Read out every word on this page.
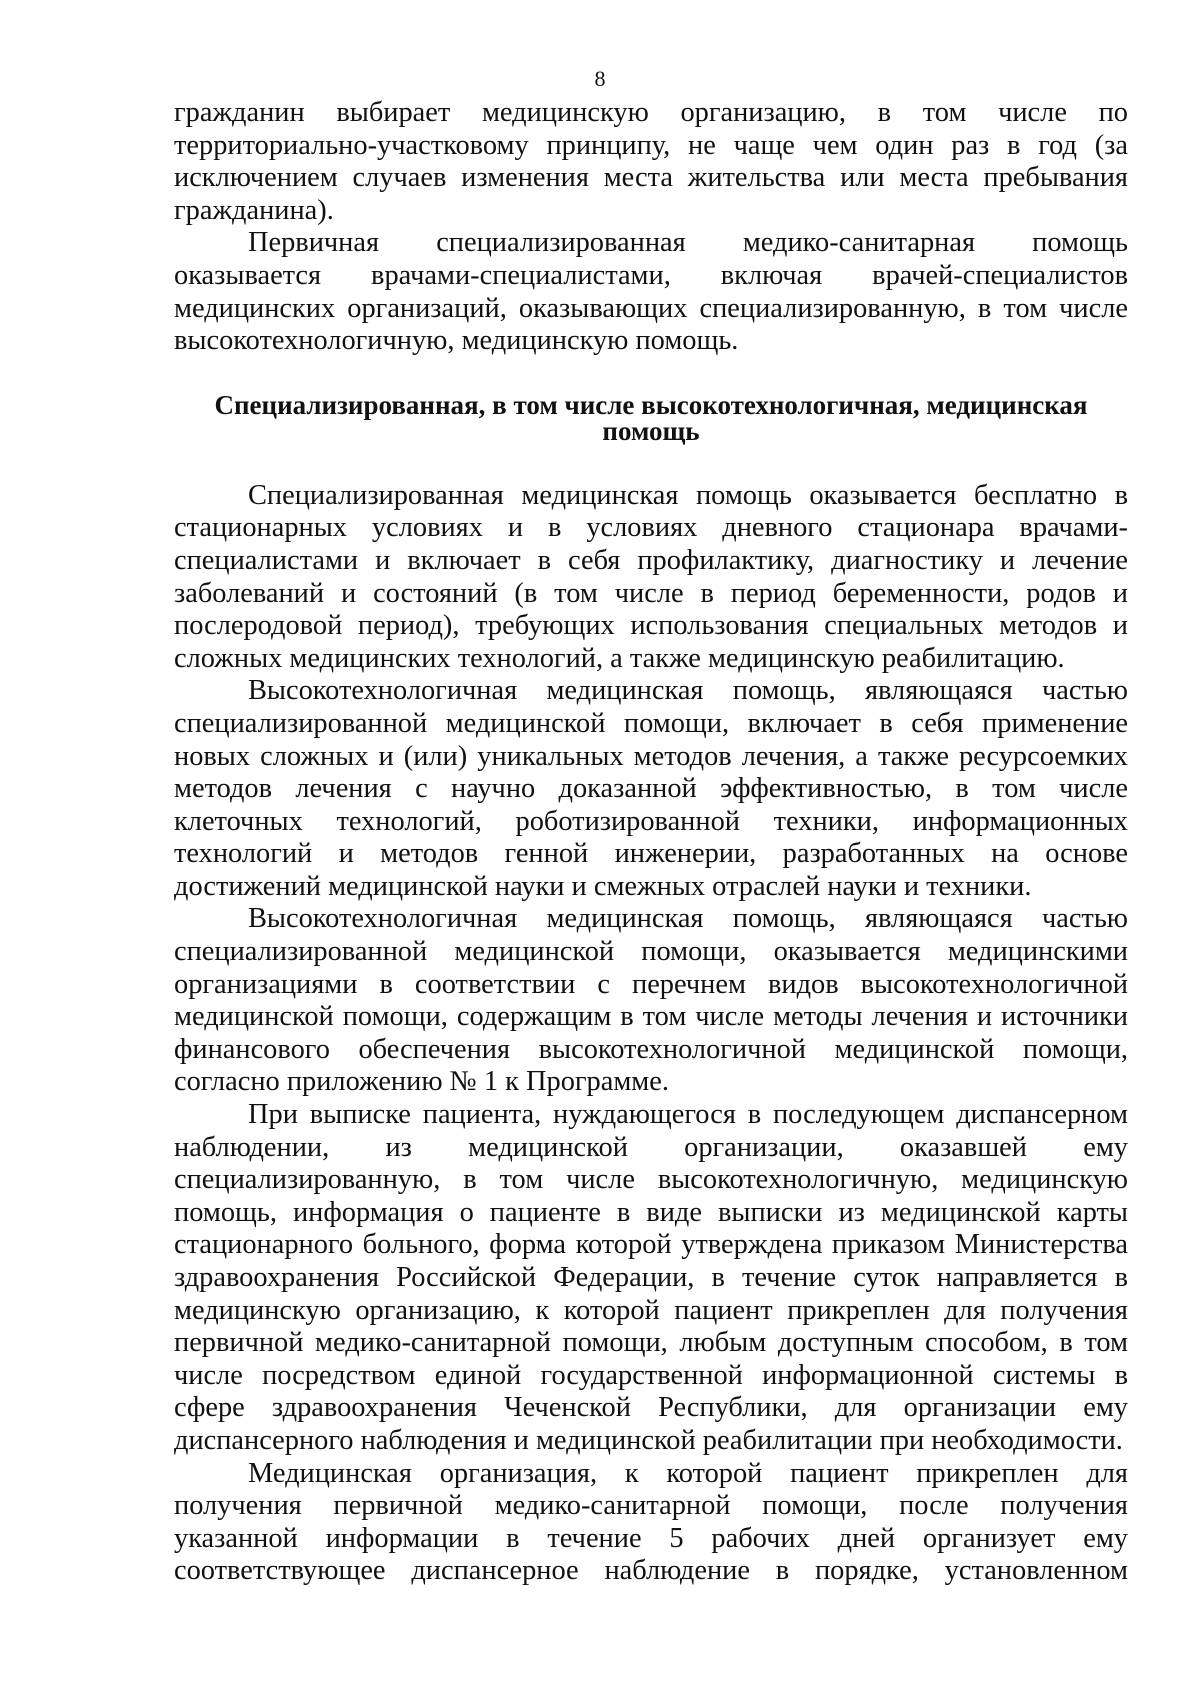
8

гражданин выбирает медицинскую организацию, в том числе по территориально-участковому принципу, не чаще чем один раз в год (за исключением случаев изменения места жительства или места пребывания гражданина).

Первичная специализированная медико-санитарная помощь оказывается врачами-специалистами, включая врачей-специалистов медицинских организаций, оказывающих специализированную, в том числе высокотехнологичную, медицинскую помощь.

Специализированная, в том числе высокотехнологичная, медицинская помощь

Специализированная медицинская помощь оказывается бесплатно в стационарных условиях и в условиях дневного стационара врачами-специалистами и включает в себя профилактику, диагностику и лечение заболеваний и состояний (в том числе в период беременности, родов и послеродовой период), требующих использования специальных методов и сложных медицинских технологий, а также медицинскую реабилитацию.

Высокотехнологичная медицинская помощь, являющаяся частью специализированной медицинской помощи, включает в себя применение новых сложных и (или) уникальных методов лечения, а также ресурсоемких методов лечения с научно доказанной эффективностью, в том числе клеточных технологий, роботизированной техники, информационных технологий и методов генной инженерии, разработанных на основе достижений медицинской науки и смежных отраслей науки и техники.

Высокотехнологичная медицинская помощь, являющаяся частью специализированной медицинской помощи, оказывается медицинскими организациями в соответствии с перечнем видов высокотехнологичной медицинской помощи, содержащим в том числе методы лечения и источники финансового обеспечения высокотехнологичной медицинской помощи, согласно приложению № 1 к Программе.

При выписке пациента, нуждающегося в последующем диспансерном наблюдении, из медицинской организации, оказавшей ему специализированную, в том числе высокотехнологичную, медицинскую помощь, информация о пациенте в виде выписки из медицинской карты стационарного больного, форма которой утверждена приказом Министерства здравоохранения Российской Федерации, в течение суток направляется в медицинскую организацию, к которой пациент прикреплен для получения первичной медико-санитарной помощи, любым доступным способом, в том числе посредством единой государственной информационной системы в сфере здравоохранения Чеченской Республики, для организации ему диспансерного наблюдения и медицинской реабилитации при необходимости.

Медицинская организация, к которой пациент прикреплен для получения первичной медико-санитарной помощи, после получения указанной информации в течение 5 рабочих дней организует ему соответствующее диспансерное наблюдение в порядке, установленном
